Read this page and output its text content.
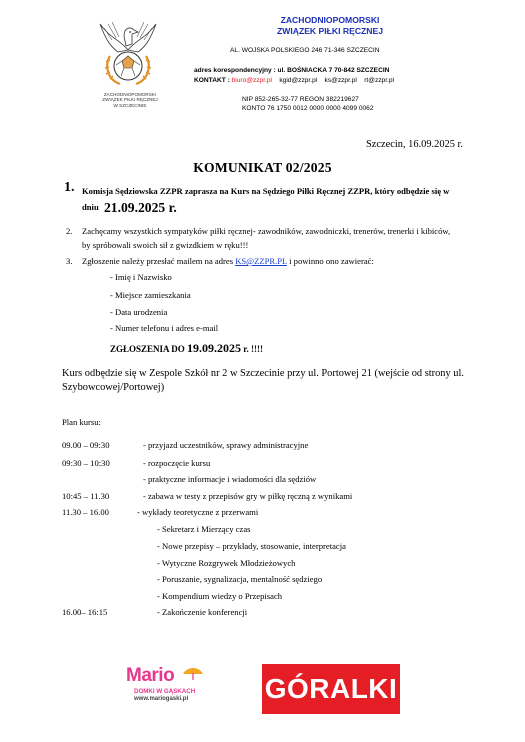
ZACHODNIOPOMORSKI
ZWIĄZEK PIŁKI RĘCZNEJ
W SZCZECINIE
ZACHODNIOPOMORSKI
ZWIĄZEK PIŁKI RĘCZNEJ
AL. WOJSKA POLSKIEGO 246 71-346 SZCZECIN
adres korespondencyjny : ul. BOŚNIACKA 7 70-842 SZCZECIN
KONTAKT : biuro@zzpr.pl kgid@zzpr.pl ks@zzpr.pl rt@zzpr.pl
NIP 852-265-32-77 REGON 382219627
KONTO 76 1750 0012 0000 0000 4099 0062
Szczecin, 16.09.2025 r.
KOMUNIKAT 02/2025
1. Komisja Sędziowska ZZPR zaprasza na Kurs na Sędziego Piłki Ręcznej ZZPR, który odbędzie się w
dniu 21.09.2025 r.
2. Zachęcamy wszystkich sympatyków piłki ręcznej- zawodników, zawodniczki, trenerów, trenerki i kibiców,
by spróbowali swoich sił z gwizdkiem w ręku!!!
3. Zgłoszenie należy przesłać mailem na adres KS@ZZPR.PL i powinno ono zawierać:
- Imię i Nazwisko
- Miejsce zamieszkania
- Data urodzenia
- Numer telefonu i adres e-mail
ZGŁOSZENIA DO 19.09.2025 r. !!!!
Kurs odbędzie się w Zespole Szkół nr 2 w Szczecinie przy ul. Portowej 21 (wejście od strony ul. Szybowcowej/Portowej)
Plan kursu:
09.00 – 09:30	- przyjazd uczestników, sprawy administracyjne
09:30 – 10:30	- rozpoczęcie kursu
- praktyczne informacje i wiadomości dla sędziów
10:45 – 11.30	- zabawa w testy z przepisów gry w piłkę ręczną z wynikami
11.30 – 16.00	- wykłady teoretyczne z przerwami
- Sekretarz i Mierzący czas
- Nowe przepisy – przykłady, stosowanie, interpretacja
- Wytyczne Rozgrywek Młodzieżowych
- Poruszanie, sygnalizacja, mentalność sędziego
- Kompendium wiedzy o Przepisach
16.00– 16:15	- Zakończenie konferencji
Mario
DOMKI W GĄSKACH
www.mariogaski.pl	GÓRALKI
